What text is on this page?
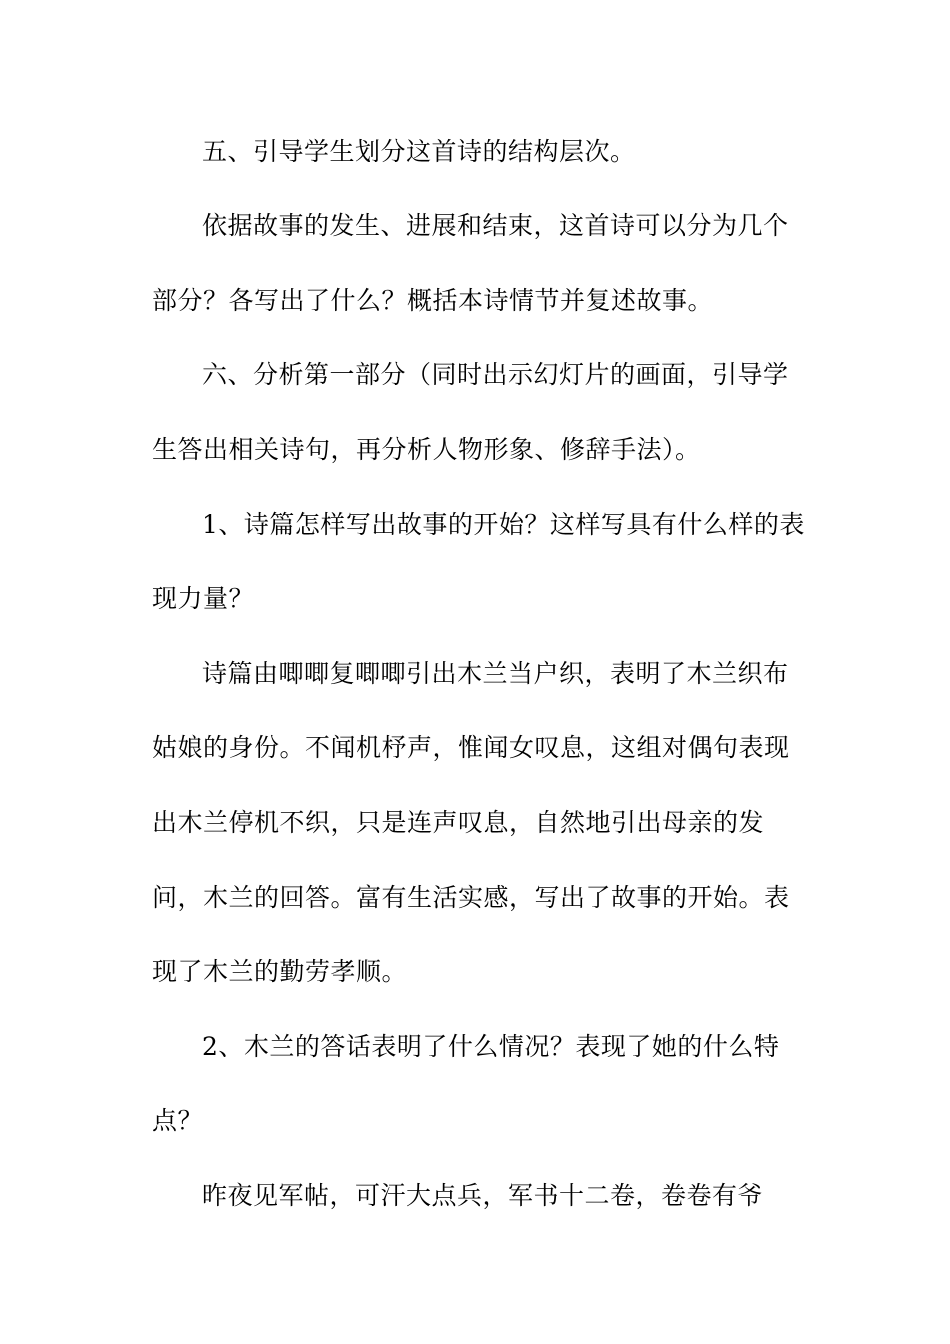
五、引导学生划分这首诗的结构层次。
依据故事的发生、进展和结束，这首诗可以分为几个
部分？各写出了什么？概括本诗情节并复述故事。
六、分析第一部分（同时出示幻灯片的画面，引导学
生答出相关诗句，再分析人物形象、修辞手法）。
1、诗篇怎样写出故事的开始？这样写具有什么样的表
现力量？
诗篇由唧唧复唧唧引出木兰当户织，表明了木兰织布
姑娘的身份。不闻机杼声，惟闻女叹息，这组对偶句表现
出木兰停机不织，只是连声叹息，自然地引出母亲的发
问，木兰的回答。富有生活实感，写出了故事的开始。表
现了木兰的勤劳孝顺。
2、木兰的答话表明了什么情况？表现了她的什么特
点？
昨夜见军帖，可汗大点兵，军书十二卷，卷卷有爷
